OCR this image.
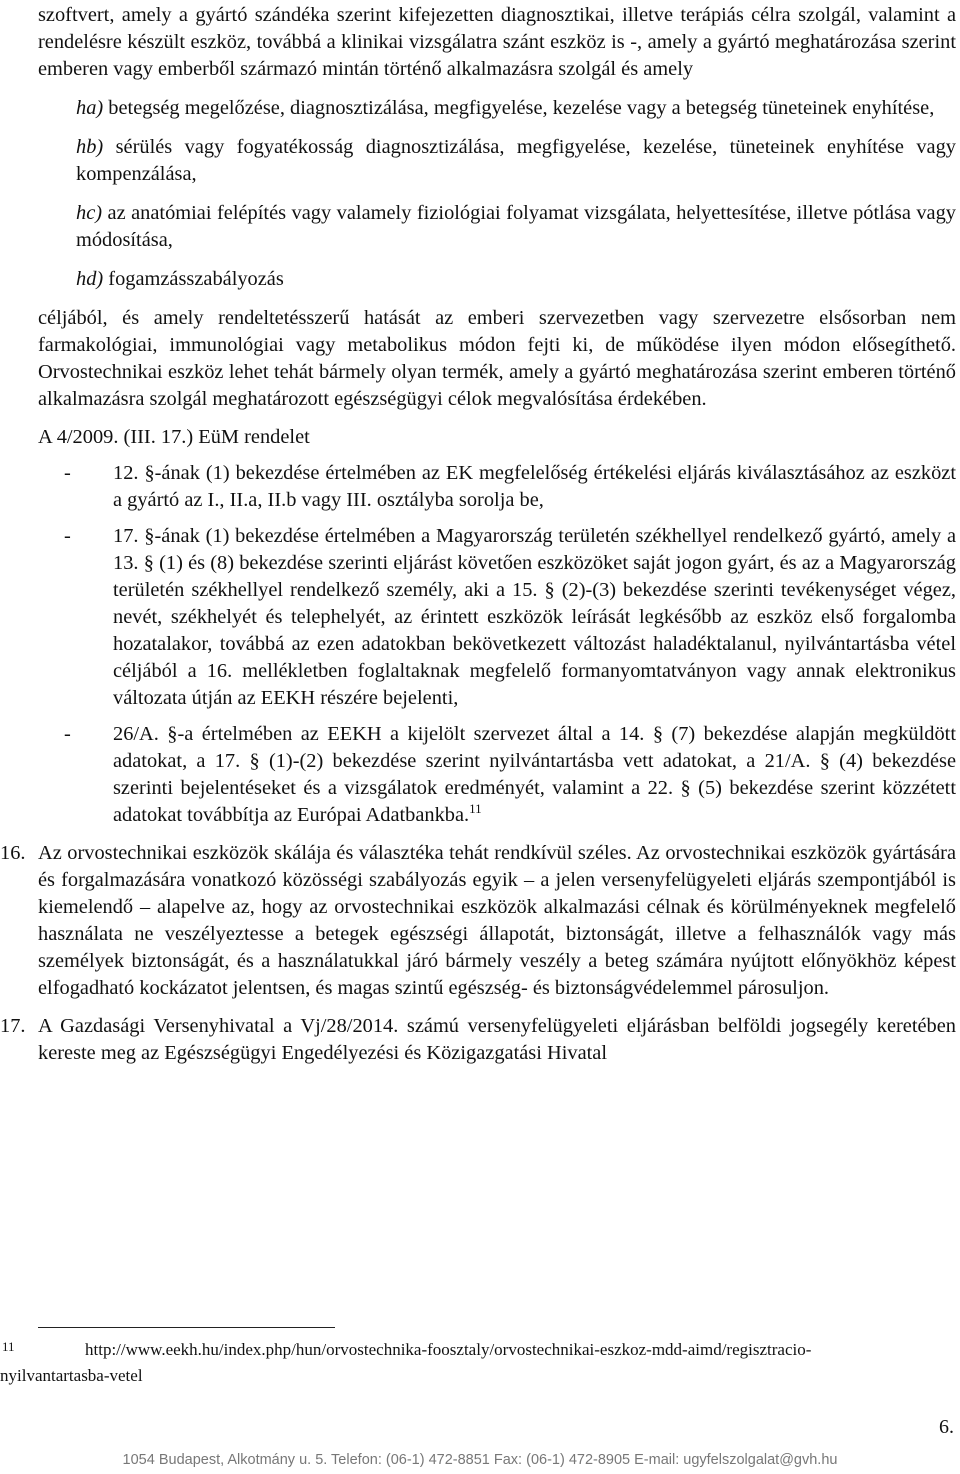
szoftvert, amely a gyártó szándéka szerint kifejezetten diagnosztikai, illetve terápiás célra szolgál, valamint a rendelésre készült eszköz, továbbá a klinikai vizsgálatra szánt eszköz is -, amely a gyártó meghatározása szerint emberen vagy emberből származó mintán történő alkalmazásra szolgál és amely

ha) betegség megelőzése, diagnosztizálása, megfigyelése, kezelése vagy a betegség tüneteinek enyhítése,
hb) sérülés vagy fogyatékosság diagnosztizálása, megfigyelése, kezelése, tüneteinek enyhítése vagy kompenzálása,
hc) az anatómiai felépítés vagy valamely fiziológiai folyamat vizsgálata, helyettesítése, illetve pótlása vagy módosítása,
hd) fogamzásszabályozás

céljából, és amely rendeltetésszerű hatását az emberi szervezetben vagy szervezetre elsősorban nem farmakológiai, immunológiai vagy metabolikus módon fejti ki, de működése ilyen módon elősegíthető. Orvostechnikai eszköz lehet tehát bármely olyan termék, amely a gyártó meghatározása szerint emberen történő alkalmazásra szolgál meghatározott egészségügyi célok megvalósítása érdekében.

A 4/2009. (III. 17.) EüM rendelet

- 12. §-ának (1) bekezdése értelmében az EK megfelelőség értékelési eljárás kiválasztásához az eszközt a gyártó az I., II.a, II.b vagy III. osztályba sorolja be,
- 17. §-ának (1) bekezdése értelmében a Magyarország területén székhellyel rendelkező gyártó, amely a 13. § (1) és (8) bekezdése szerinti eljárást követően eszközöket saját jogon gyárt, és az a Magyarország területén székhellyel rendelkező személy, aki a 15. § (2)-(3) bekezdése szerinti tevékenységet végez, nevét, székhelyét és telephelyét, az érintett eszközök leírását legkésőbb az eszköz első forgalomba hozatalakor, továbbá az ezen adatokban bekövetkezett változást haladéktalanul, nyilvántartásba vétel céljából a 16. mellékletben foglaltaknak megfelelő formanyomtatványon vagy annak elektronikus változata útján az EEKH részére bejelenti,
- 26/A. §-a értelmében az EEKH a kijelölt szervezet által a 14. § (7) bekezdése alapján megküldött adatokat, a 17. § (1)-(2) bekezdése szerint nyilvántartásba vett adatokat, a 21/A. § (4) bekezdése szerinti bejelentéseket és a vizsgálatok eredményét, valamint a 22. § (5) bekezdése szerint közzétett adatokat továbbítja az Európai Adatbankba.$^{11}$
16. Az orvostechnikai eszközök skálája és választéka tehát rendkívül széles. Az orvostechnikai eszközök gyártására és forgalmazására vonatkozó közösségi szabályozás egyik – a jelen versenyfelügyeleti eljárás szempontjából is kiemelendő – alapelve az, hogy az orvostechnikai eszközök alkalmazási célnak és körülményeknek megfelelő használata ne veszélyeztesse a betegek egészségi állapotát, biztonságát, illetve a felhasználók vagy más személyek biztonságát, és a használatukkal járó bármely veszély a beteg számára nyújtott előnyökhöz képest elfogadható kockázatot jelentsen, és magas szintű egészség- és biztonságvédelemmel párosuljon.
17. A Gazdasági Versenyhivatal a Vj/28/2014. számú versenyfelügyeleti eljárásban belföldi jogsegély keretében kereste meg az Egészségügyi Engedélyezési és Közigazgatási Hivatal
11	http://www.eekh.hu/index.php/hun/orvostechnika-foosztaly/orvostechnikai-eszkoz-mdd-aimd/regisztracio-
nyilvantartasba-vetel
6.
1054 Budapest, Alkotmány u. 5. Telefon: (06-1) 472-8851 Fax: (06-1) 472-8905 E-mail: ugyfelszolgalat@gvh.hu
